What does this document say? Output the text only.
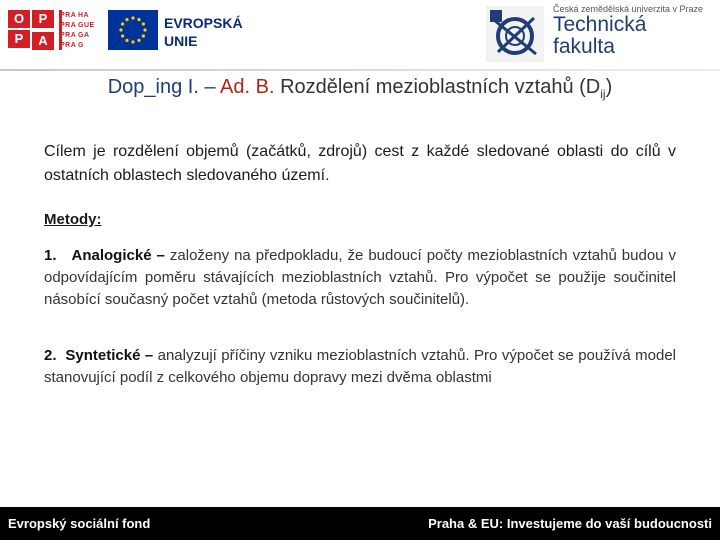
O	P
P	A
PRA HA
PRA GUE
PRA GA
PRA G
EVROPSKÁ
UNIE
Česká zemědělská univerzita v Praze
Technická
fakulta
Dop_ing I. – Ad. B. Rozdělení mezioblastních vztahů $(D_{ij})$
Cílem je rozdělení objemů (začátků, zdrojů) cest z každé sledované oblasti do cílů v ostatních oblastech sledovaného území.
Metody:
1. Analogické – založeny na předpokladu, že budoucí počty mezioblastních vztahů budou v odpovídajícím poměru stávajících mezioblastních vztahů. Pro výpočet se použije součinitel násobící současný počet vztahů (metoda růstových součinitelů).
2. Syntetické – analyzují příčiny vzniku mezioblastních vztahů. Pro výpočet se používá model stanovující podíl z celkového objemu dopravy mezi dvěma oblastmi
Evropský sociální fond	Praha & EU: Investujeme do vaší budoucnosti
